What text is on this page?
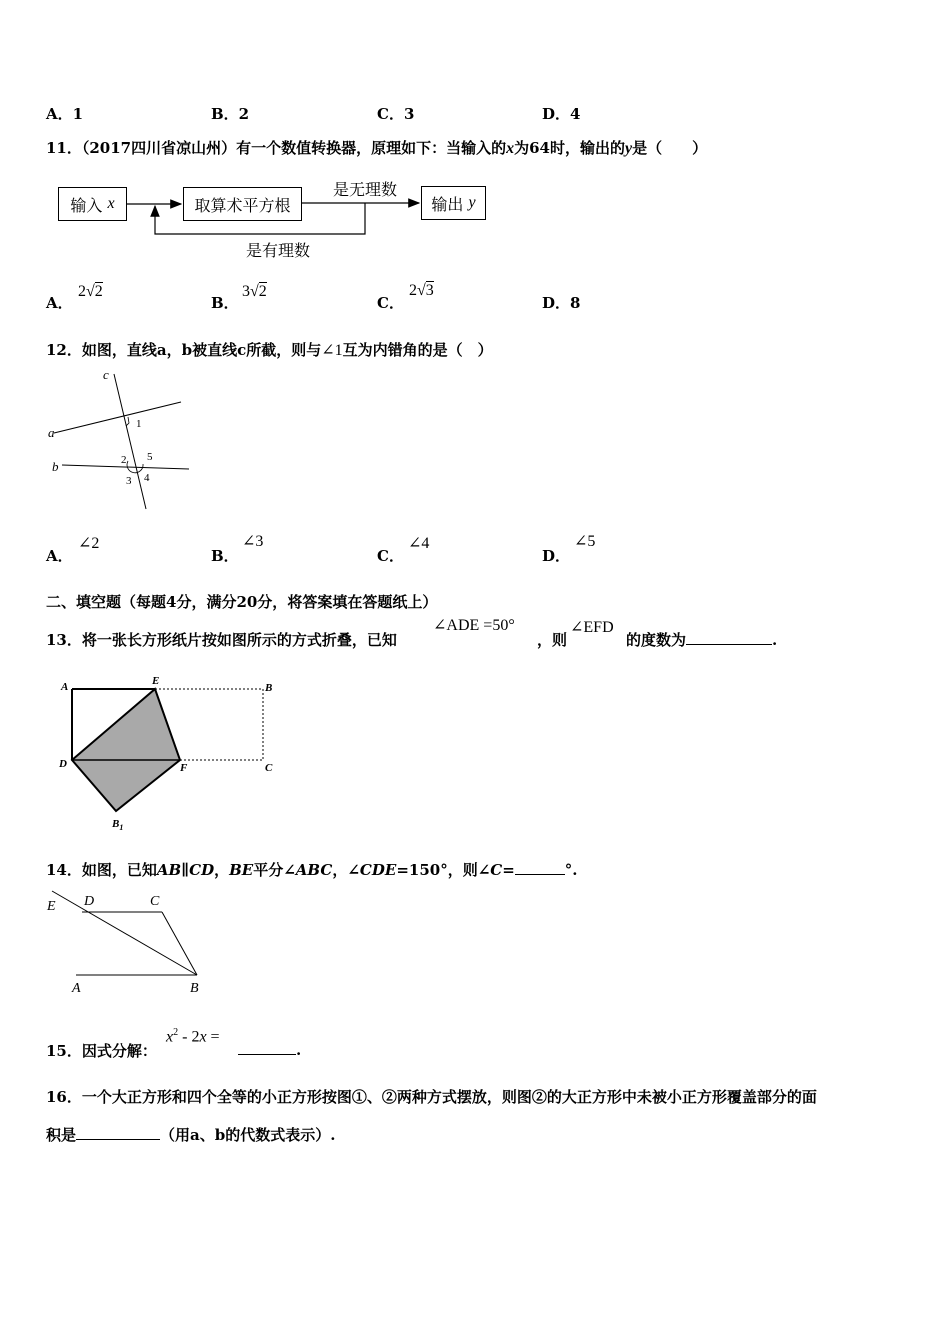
A．1	B．2	C．3	D．4
11．（2017四川省凉山州）有一个数值转换器，原理如下：当输入的x为64时，输出的y是（　　）
输入
x	取算术平方根	输出
y
是无理数
是有理数
A．
2√2
B．
3√2
C．
2√3
D．8
12．如图，直线a，b被直线c所截，则与∠1互为内错角的是（　）
c
a
b
1
2 5
3 4
A．
∠2
B．
∠3
C．
∠4
D．
∠5
二、填空题（每题4分，满分20分，将答案填在答题纸上）
13．将一张长方形纸片按如图所示的方式折叠，已知
∠ADE =50°
，则
∠EFD
的度数为	.
A	E
B
D	F	C
$B_1$
14．如图，已知AB∥CD，BE平分∠ABC，∠CDE=150°，则∠C=	°.
E D	C
A	B
15．因式分解：
$x^2 - 2x$ =
.
16．一个大正方形和四个全等的小正方形按图①、②两种方式摆放，则图②的大正方形中未被小正方形覆盖部分的面
积是	（用a、b的代数式表示）.
